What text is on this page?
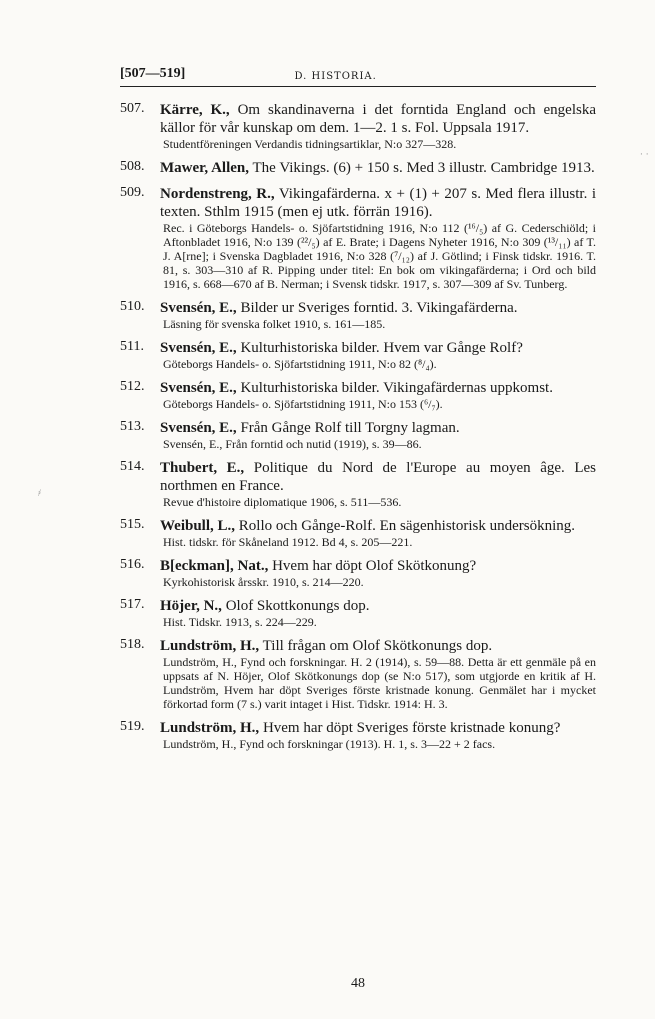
[507—519]	D. HISTORIA.
507. Kärre, K., Om skandinaverna i det forntida England och engelska källor för vår kunskap om dem. 1—2. 1 s. Fol. Uppsala 1917.
Studentföreningen Verdandis tidningsartiklar, N:o 327—328.
508. Mawer, Allen, The Vikings. (6) + 150 s. Med 3 illustr. Cambridge 1913.
509. Nordenstreng, R., Vikingafärderna. x + (1) + 207 s. Med flera illustr. i texten. Sthlm 1915 (men ej utk. förrän 1916).
Rec. i Göteborgs Handels- o. Sjöfartstidning 1916, N:o 112 (¹⁶/₅) af G. Cederschiöld; i Aftonbladet 1916, N:o 139 (²²/₅) af E. Brate; i Dagens Nyheter 1916, N:o 309 (¹³/₁₁) af T. J. A[rne]; i Svenska Dagbladet 1916, N:o 328 (⁷/₁₂) af J. Götlind; i Finsk tidskr. 1916. T. 81, s. 303—310 af R. Pipping under titel: En bok om vikingafärderna; i Ord och bild 1916, s. 668—670 af B. Nerman; i Svensk tidskr. 1917, s. 307—309 af Sv. Tunberg.
510. Svensén, E., Bilder ur Sveriges forntid. 3. Vikingafärderna.
Läsning för svenska folket 1910, s. 161—185.
511. Svensén, E., Kulturhistoriska bilder. Hvem var Gånge Rolf?
Göteborgs Handels- o. Sjöfartstidning 1911, N:o 82 (⁸/₄).
512. Svensén, E., Kulturhistoriska bilder. Vikingafärdernas uppkomst.
Göteborgs Handels- o. Sjöfartstidning 1911, N:o 153 (⁶/₇).
513. Svensén, E., Från Gånge Rolf till Torgny lagman.
Svensén, E., Från forntid och nutid (1919), s. 39—86.
514. Thubert, E., Politique du Nord de l'Europe au moyen âge. Les northmen en France.
Revue d'histoire diplomatique 1906, s. 511—536.
515. Weibull, L., Rollo och Gånge-Rolf. En sägenhistorisk undersökning.
Hist. tidskr. för Skåneland 1912. Bd 4, s. 205—221.
516. B[eckman], Nat., Hvem har döpt Olof Skötkonung?
Kyrkohistorisk årsskr. 1910, s. 214—220.
517. Höjer, N., Olof Skottkonungs dop.
Hist. Tidskr. 1913, s. 224—229.
518. Lundström, H., Till frågan om Olof Skötkonungs dop.
Lundström, H., Fynd och forskningar. H. 2 (1914), s. 59—88. Detta är ett genmäle på en uppsats af N. Höjer, Olof Skötkonungs dop (se N:o 517), som utgjorde en kritik af H. Lundström, Hvem har döpt Sveriges förste kristnade konung. Genmälet har i mycket förkortad form (7 s.) varit intaget i Hist. Tidskr. 1914: H. 3.
519. Lundström, H., Hvem har döpt Sveriges förste kristnade konung?
Lundström, H., Fynd och forskningar (1913). H. 1, s. 3—22 + 2 facs.
48
· ·
҂
